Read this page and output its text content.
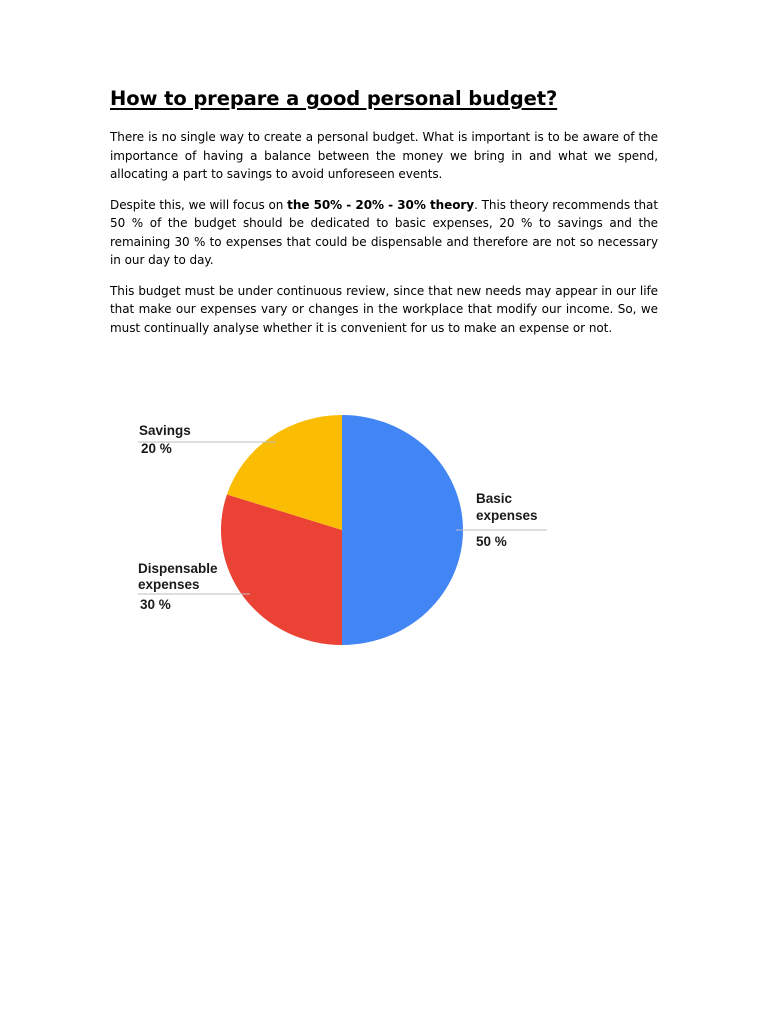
How to prepare a good personal budget?

There is no single way to create a personal budget. What is important is to be aware of the importance of having a balance between the money we bring in and what we spend, allocating a part to savings to avoid unforeseen events.

Despite this, we will focus on the 50% - 20% - 30% theory. This theory recommends that 50 % of the budget should be dedicated to basic expenses, 20 % to savings and the remaining 30 % to expenses that could be dispensable and therefore are not so necessary in our day to day.

This budget must be under continuous review, since that new needs may appear in our life that make our expenses vary or changes in the workplace that modify our income. So, we must continually analyse whether it is convenient for us to make an expense or not.

Basic
expenses
50 %
Dispensable
expenses
30 %
Savings
20 %
